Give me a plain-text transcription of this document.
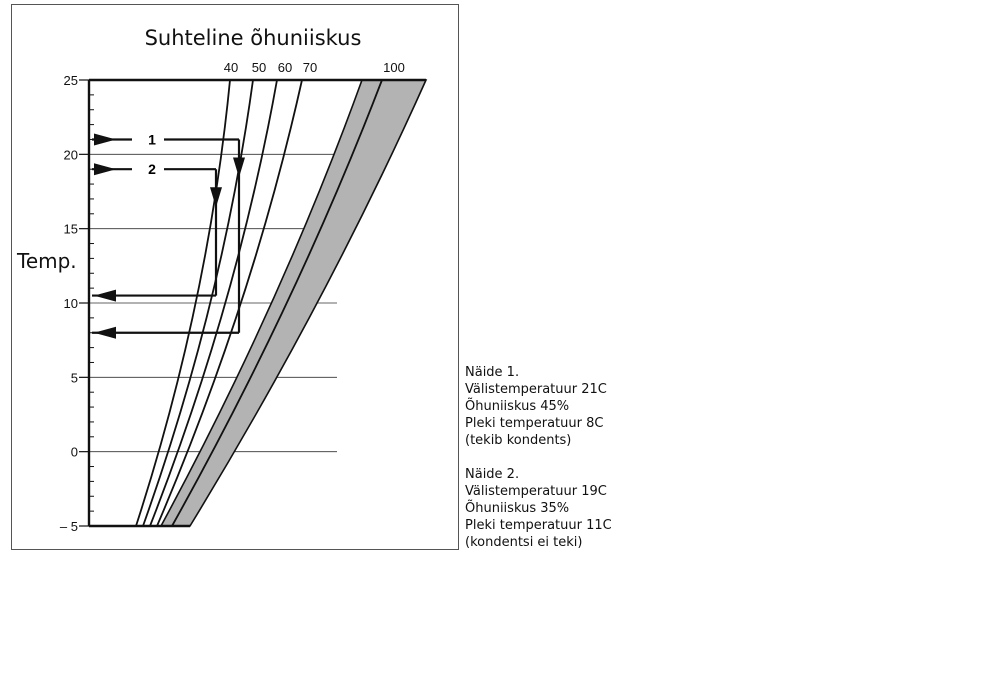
1
2
25
20
15
10
5
0
– 5
40 50 60 70	100
Suhteline õhuniiskus
Temp.
Näide 1.
Välistemperatuur 21C
Õhuniiskus 45%
Pleki temperatuur 8C
(tekib kondents)
Näide 2.
Välistemperatuur 19C
Õhuniiskus 35%
Pleki temperatuur 11C
(kondentsi ei teki)
